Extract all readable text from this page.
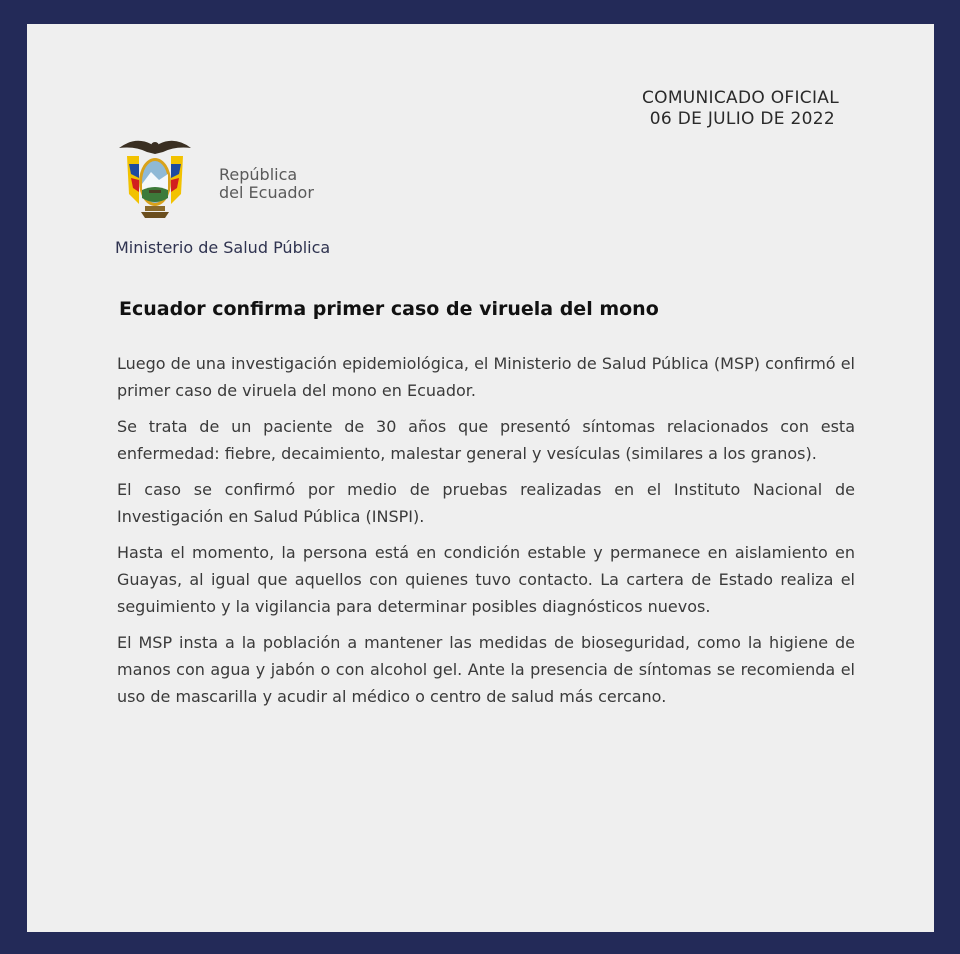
COMUNICADO OFICIAL
06 DE JULIO DE 2022
República
del Ecuador
Ministerio de Salud Pública
Ecuador confirma primer caso de viruela del mono

Luego de una investigación epidemiológica, el Ministerio de Salud Pública (MSP) confirmó el primer caso de viruela del mono en Ecuador.

Se trata de un paciente de 30 años que presentó síntomas relacionados con esta enfermedad: fiebre, decaimiento, malestar general y vesículas (similares a los granos).

El caso se confirmó por medio de pruebas realizadas en el Instituto Nacional de Investigación en Salud Pública (INSPI).

Hasta el momento, la persona está en condición estable y permanece en aislamiento en Guayas, al igual que aquellos con quienes tuvo contacto. La cartera de Estado realiza el seguimiento y la vigilancia para determinar posibles diagnósticos nuevos.

El MSP insta a la población a mantener las medidas de bioseguridad, como la higiene de manos con agua y jabón o con alcohol gel. Ante la presencia de síntomas se recomienda el uso de mascarilla y acudir al médico o centro de salud más cercano.
